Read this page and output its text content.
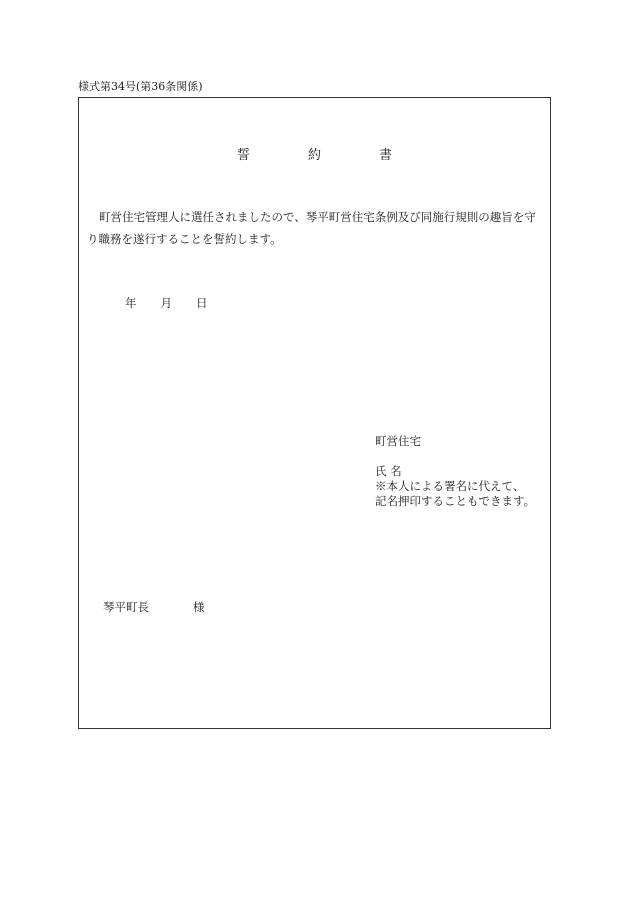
様式第34号(第36条関係)
誓	約	書

町営住宅管理人に選任されましたので、琴平町営住宅条例及び同施行規則の趣旨を守り職務を遂行することを誓約します。

年 月 日
町営住宅
氏 名
※本人による署名に代えて、
記名押印することもできます。
琴平町長	様
